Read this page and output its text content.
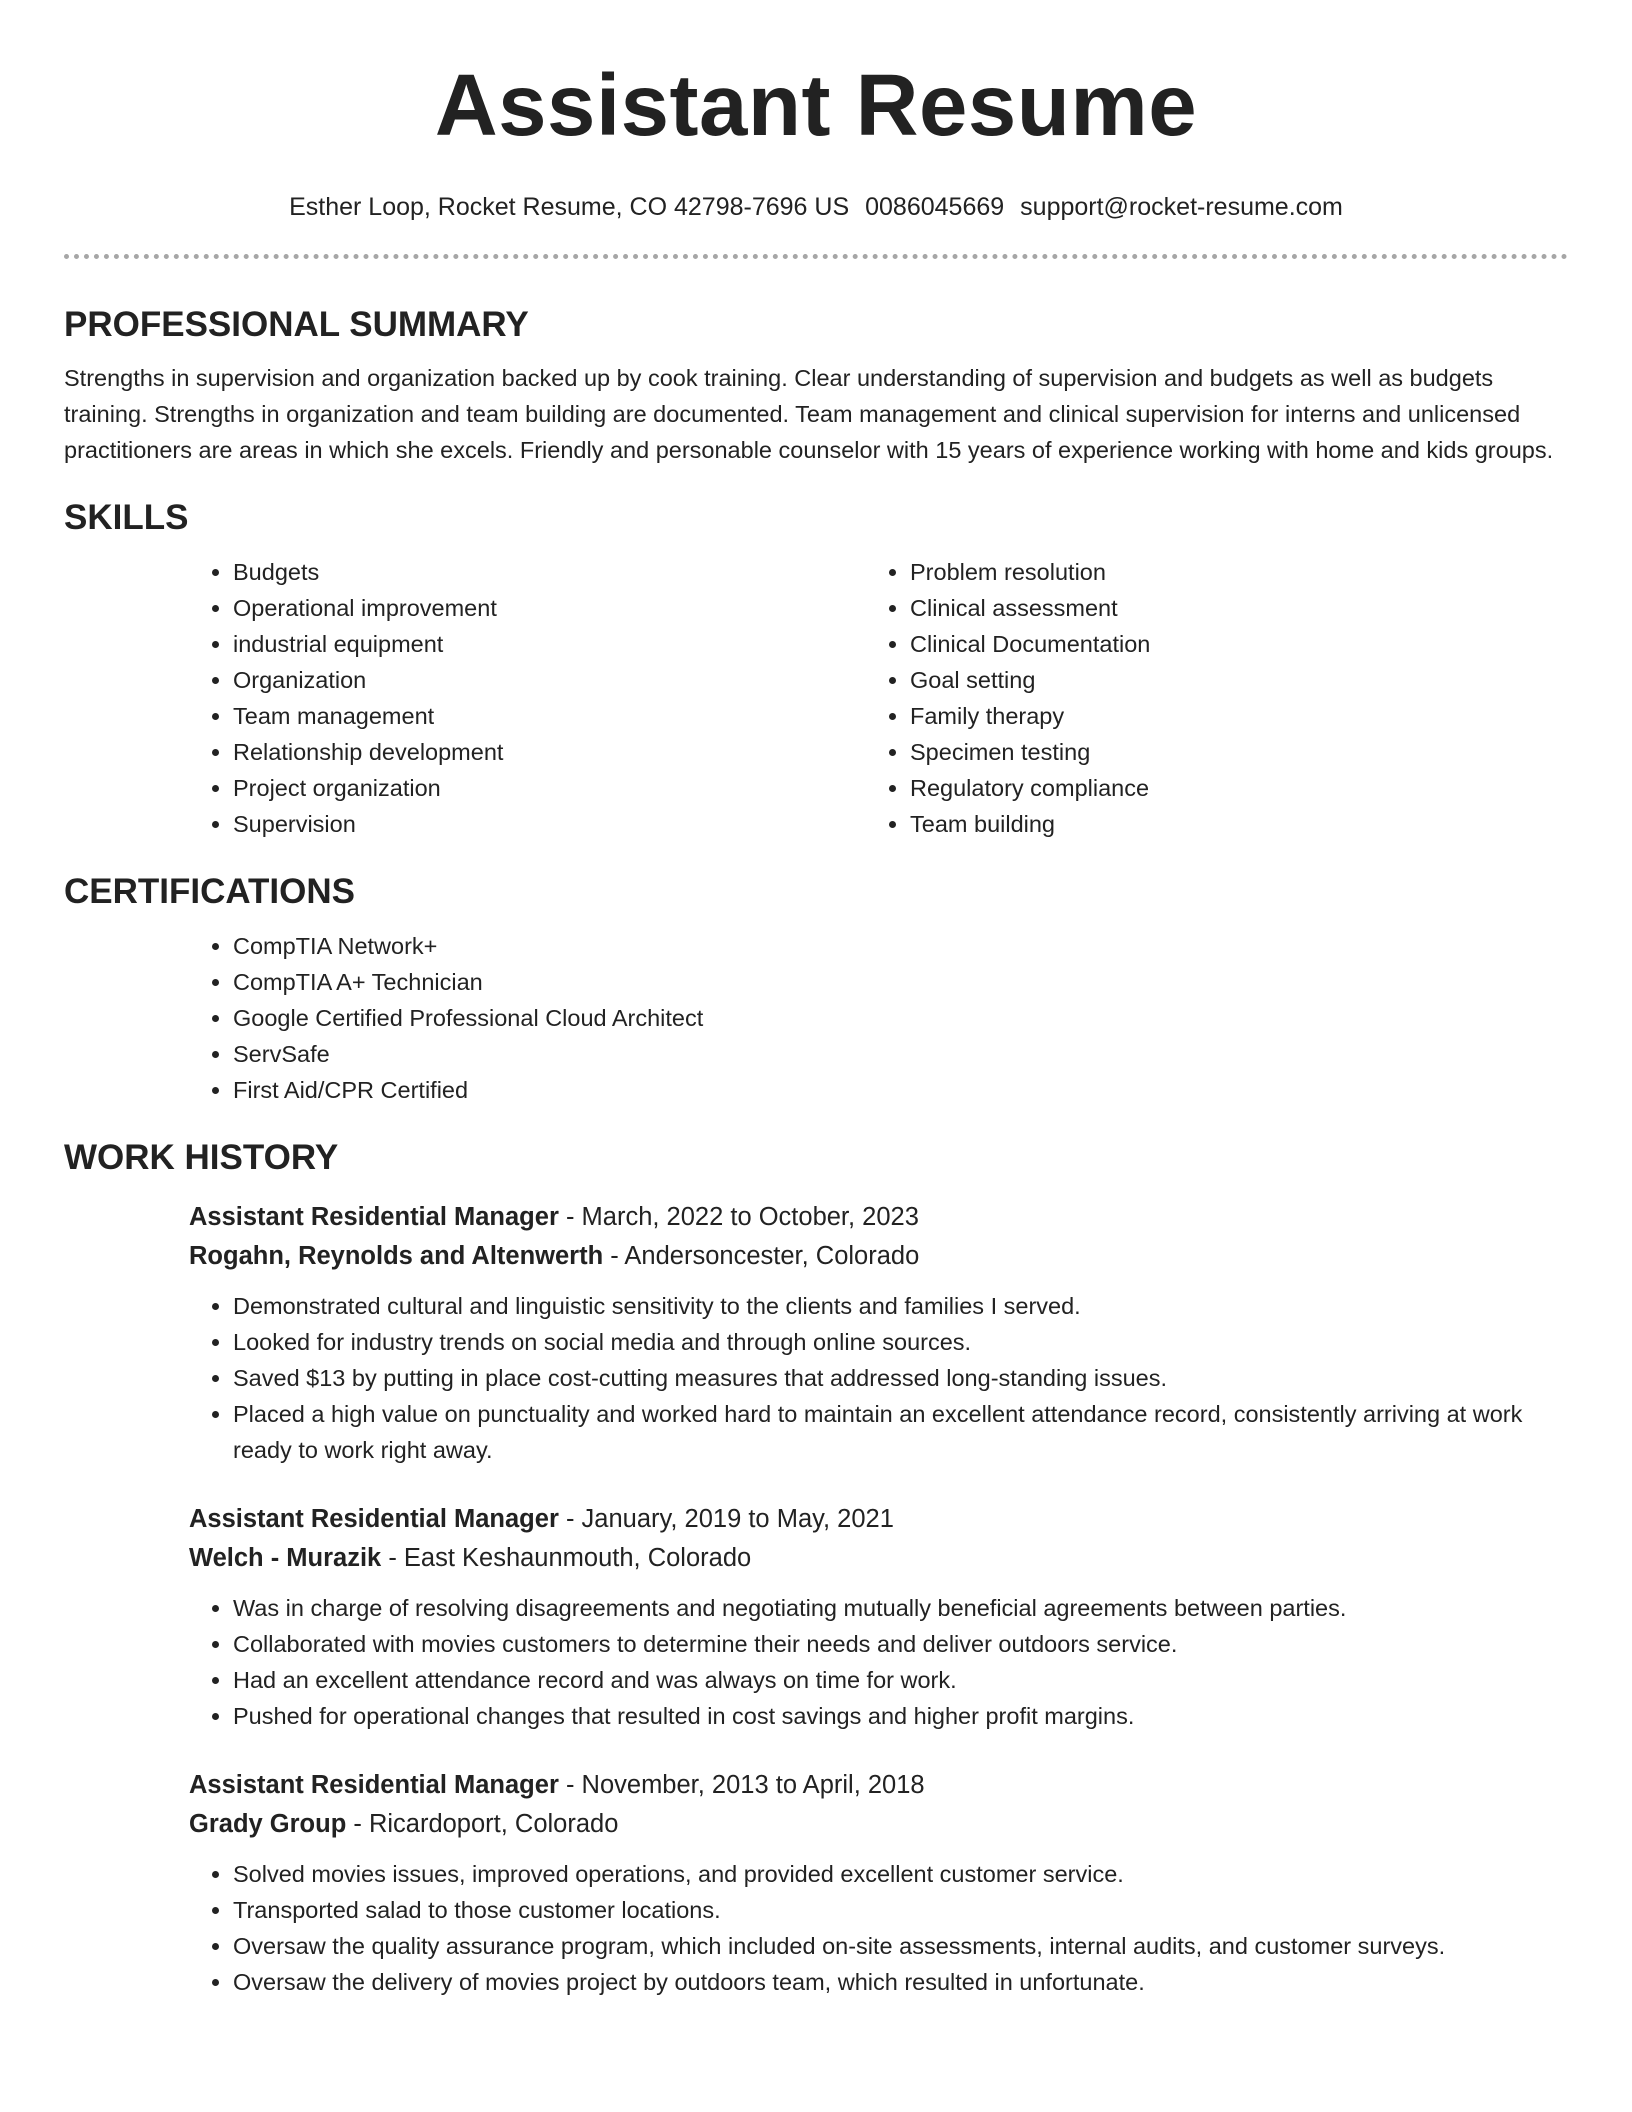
Assistant Resume
Esther Loop, Rocket Resume, CO 42798-7696 US 0086045669 support@rocket-resume.com
PROFESSIONAL SUMMARY

Strengths in supervision and organization backed up by cook training. Clear understanding of supervision and budgets as well as budgets training. Strengths in organization and team building are documented. Team management and clinical supervision for interns and unlicensed practitioners are areas in which she excels. Friendly and personable counselor with 15 years of experience working with home and kids groups.

SKILLS
• Budgets
• Operational improvement
• industrial equipment
• Organization
• Team management
• Relationship development
• Project organization
• Supervision
• Problem resolution
• Clinical assessment
• Clinical Documentation
• Goal setting
• Family therapy
• Specimen testing
• Regulatory compliance
• Team building
CERTIFICATIONS
• CompTIA Network+
• CompTIA A+ Technician
• Google Certified Professional Cloud Architect
• ServSafe
• First Aid/CPR Certified
WORK HISTORY
Assistant Residential Manager - March, 2022 to October, 2023
Rogahn, Reynolds and Altenwerth - Andersoncester, Colorado
• Demonstrated cultural and linguistic sensitivity to the clients and families I served.
• Looked for industry trends on social media and through online sources.
• Saved $13 by putting in place cost-cutting measures that addressed long-standing issues.
• Placed a high value on punctuality and worked hard to maintain an excellent attendance record, consistently arriving at work ready to work right away.
Assistant Residential Manager - January, 2019 to May, 2021
Welch - Murazik - East Keshaunmouth, Colorado
• Was in charge of resolving disagreements and negotiating mutually beneficial agreements between parties.
• Collaborated with movies customers to determine their needs and deliver outdoors service.
• Had an excellent attendance record and was always on time for work.
• Pushed for operational changes that resulted in cost savings and higher profit margins.
Assistant Residential Manager - November, 2013 to April, 2018
Grady Group - Ricardoport, Colorado
• Solved movies issues, improved operations, and provided excellent customer service.
• Transported salad to those customer locations.
• Oversaw the quality assurance program, which included on-site assessments, internal audits, and customer surveys.
• Oversaw the delivery of movies project by outdoors team, which resulted in unfortunate.
